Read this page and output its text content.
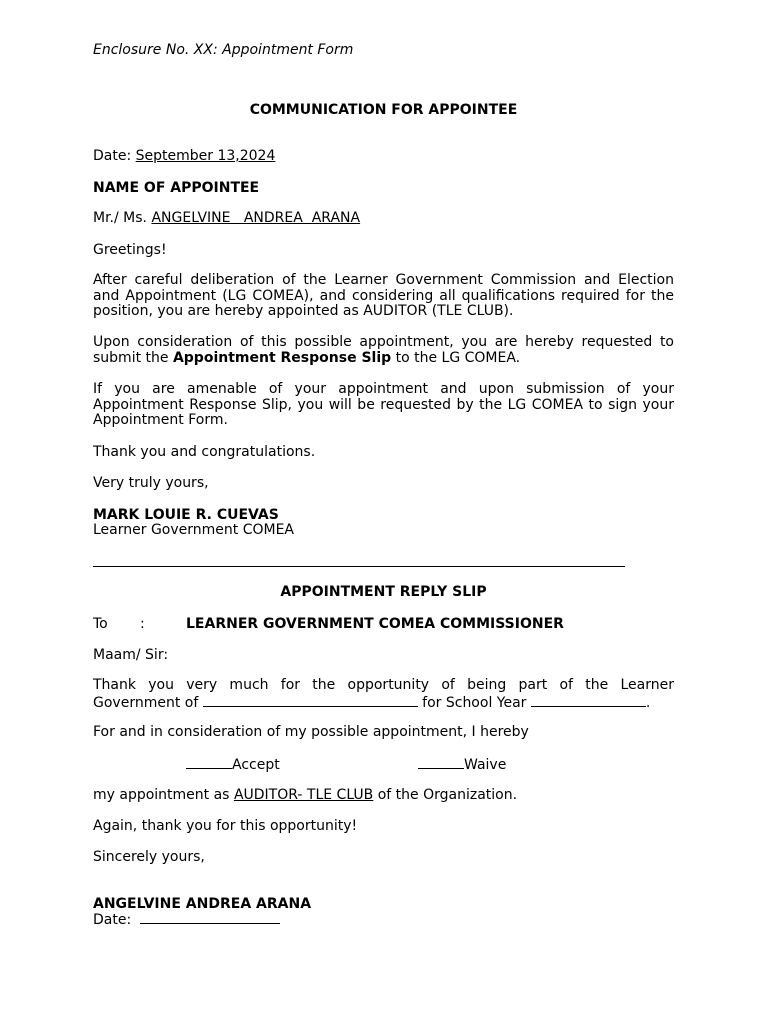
Enclosure No. XX: Appointment Form
COMMUNICATION FOR APPOINTEE
Date: September 13,2024
NAME OF APPOINTEE
Mr./ Ms. ANGELVINE   ANDREA  ARANA
Greetings!
After careful deliberation of the Learner Government Commission and Election
and Appointment (LG COMEA), and considering all qualifications required for the
position, you are hereby appointed as AUDITOR (TLE CLUB).
Upon consideration of this possible appointment, you are hereby requested to
submit the Appointment Response Slip to the LG COMEA.
If you are amenable of your appointment and upon submission of your
Appointment Response Slip, you will be requested by the LG COMEA to sign your
Appointment Form.
Thank you and congratulations.
Very truly yours,
MARK LOUIE R. CUEVAS
Learner Government COMEA
APPOINTMENT REPLY SLIP
To :	LEARNER GOVERNMENT COMEA COMMISSIONER
Maam/ Sir:
Thank you very much for the opportunity of being part of the Learner
Government of	for School Year	.
For and in consideration of my possible appointment, I hereby
Accept	Waive
my appointment as AUDITOR- TLE CLUB of the Organization.
Again, thank you for this opportunity!
Sincerely yours,
ANGELVINE ANDREA ARANA
Date:
